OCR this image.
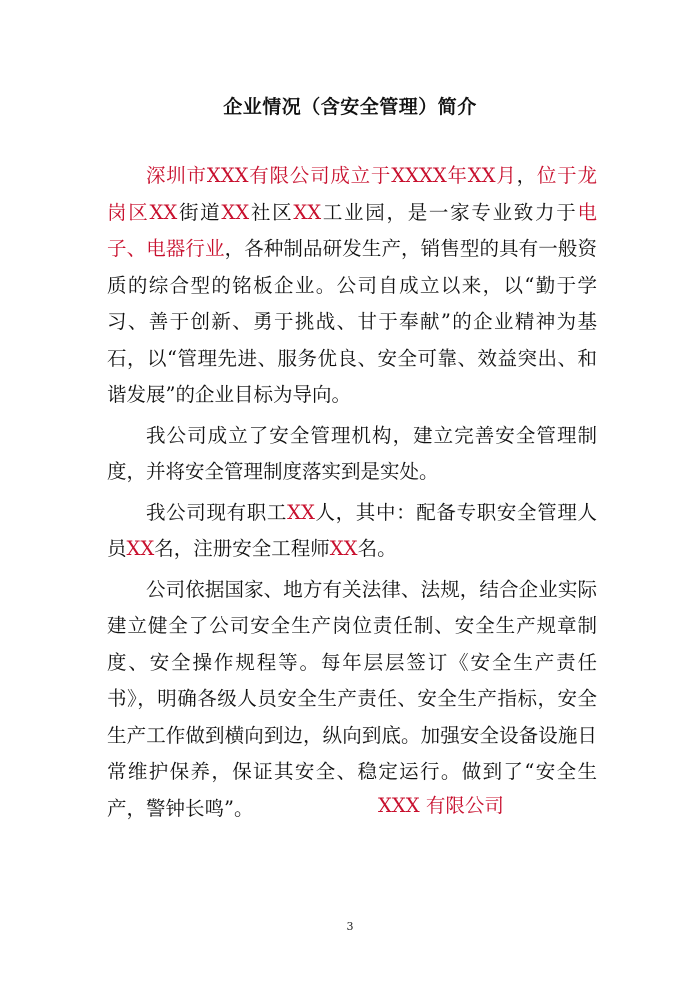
企业情况（含安全管理）简介

深圳市XXX有限公司成立于XXXX年XX月，位于龙岗区XX街道XX社区XX工业园，是一家专业致力于电子、电器行业，各种制品研发生产，销售型的具有一般资质的综合型的铭板企业。公司自成立以来，以“勤于学习、善于创新、勇于挑战、甘于奉献”的企业精神为基石，以“管理先进、服务优良、安全可靠、效益突出、和谐发展”的企业目标为导向。

我公司成立了安全管理机构，建立完善安全管理制度，并将安全管理制度落实到是实处。

我公司现有职工XX人，其中：配备专职安全管理人员XX名，注册安全工程师XX名。

公司依据国家、地方有关法律、法规，结合企业实际建立健全了公司安全生产岗位责任制、安全生产规章制度、安全操作规程等。每年层层签订《安全生产责任书》，明确各级人员安全生产责任、安全生产指标，安全生产工作做到横向到边，纵向到底。加强安全设备设施日常维护保养，保证其安全、稳定运行。做到了“安全生产，警钟长鸣”。	XXX 有限公司
3
